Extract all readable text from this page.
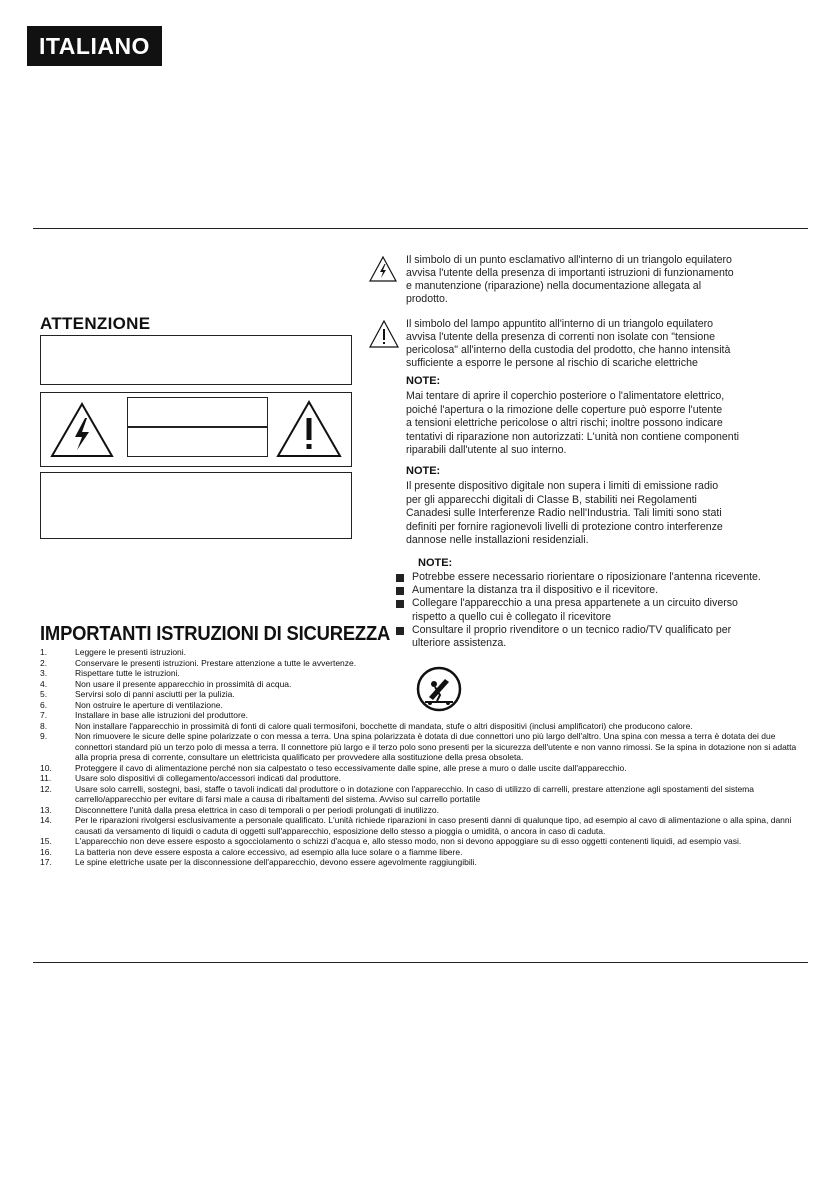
ITALIANO
ATTENZIONE
Il simbolo di un punto esclamativo all'interno di un triangolo equilatero
avvisa l'utente della presenza di importanti istruzioni di funzionamento
e manutenzione (riparazione) nella documentazione allegata al
prodotto.
Il simbolo del lampo appuntito all'interno di un triangolo equilatero
avvisa l'utente della presenza di correnti non isolate con "tensione
pericolosa" all'interno della custodia del prodotto, che hanno intensità
sufficiente a esporre le persone al rischio di scariche elettriche
NOTE:
Mai tentare di aprire il coperchio posteriore o l'alimentatore elettrico,
poiché l'apertura o la rimozione delle coperture può esporre l'utente
a tensioni elettriche pericolose o altri rischi; inoltre possono indicare
tentativi di riparazione non autorizzati: L'unità non contiene componenti
riparabili dall'utente al suo interno.
NOTE:
Il presente dispositivo digitale non supera i limiti di emissione radio
per gli apparecchi digitali di Classe B, stabiliti nei Regolamenti
Canadesi sulle Interferenze Radio nell'Industria. Tali limiti sono stati
definiti per fornire ragionevoli livelli di protezione contro interferenze
dannose nelle installazioni residenziali.
NOTE:
Potrebbe essere necessario riorientare o riposizionare l'antenna ricevente.
Aumentare la distanza tra il dispositivo e il ricevitore.
Collegare l'apparecchio a una presa appartenete a un circuito diverso
rispetto a quello cui è collegato il ricevitore
Consultare il proprio rivenditore o un tecnico radio/TV qualificato per
ulteriore assistenza.
IMPORTANTI ISTRUZIONI DI SICUREZZA
1.	Leggere le presenti istruzioni.
2.	Conservare le presenti istruzioni. Prestare attenzione a tutte le avvertenze.
3.	Rispettare tutte le istruzioni.
4.	Non usare il presente apparecchio in prossimità di acqua.
5.	Servirsi solo di panni asciutti per la pulizia.
6.	Non ostruire le aperture di ventilazione.
7.	Installare in base alle istruzioni del produttore.
8.	Non installare l'apparecchio in prossimità di fonti di calore quali termosifoni, bocchette di mandata, stufe o altri dispositivi (inclusi amplificatori) che producono calore.
9.	Non rimuovere le sicure delle spine polarizzate o con messa a terra. Una spina polarizzata è dotata di due connettori uno più largo dell'altro. Una spina con messa a terra è dotata dei due connettori standard più un terzo polo di messa a terra. Il connettore più largo e il terzo polo sono presenti per la sicurezza dell'utente e non vanno rimossi. Se la spina in dotazione non si adatta alla propria presa di corrente, consultare un elettricista qualificato per provvedere alla sostituzione della presa obsoleta.
10.	Proteggere il cavo di alimentazione perché non sia calpestato o teso eccessivamente dalle spine, alle prese a muro o dalle uscite dall'apparecchio.
11.	Usare solo dispositivi di collegamento/accessori indicati dal produttore.
12.	Usare solo carrelli, sostegni, basi, staffe o tavoli indicati dal produttore o in dotazione con l'apparecchio. In caso di utilizzo di carrelli, prestare attenzione agli spostamenti del sistema carrello/apparecchio per evitare di farsi male a causa di ribaltamenti del sistema. Avviso sul carrello portatile
13.	Disconnettere l'unità dalla presa elettrica in caso di temporali o per periodi prolungati di inutilizzo.
14.	Per le riparazioni rivolgersi esclusivamente a personale qualificato. L'unità richiede riparazioni in caso presenti danni di qualunque tipo, ad esempio al cavo di alimentazione o alla spina, danni causati da versamento di liquidi o caduta di oggetti sull'apparecchio, esposizione dello stesso a pioggia o umidità, o ancora in caso di caduta.
15.	L'apparecchio non deve essere esposto a sgocciolamento o schizzi d'acqua e, allo stesso modo, non si devono appoggiare su di esso oggetti contenenti liquidi, ad esempio vasi.
16.	La batteria non deve essere esposta a calore eccessivo, ad esempio alla luce solare o a fiamme libere.
17.	Le spine elettriche usate per la disconnessione dell'apparecchio, devono essere agevolmente raggiungibili.
